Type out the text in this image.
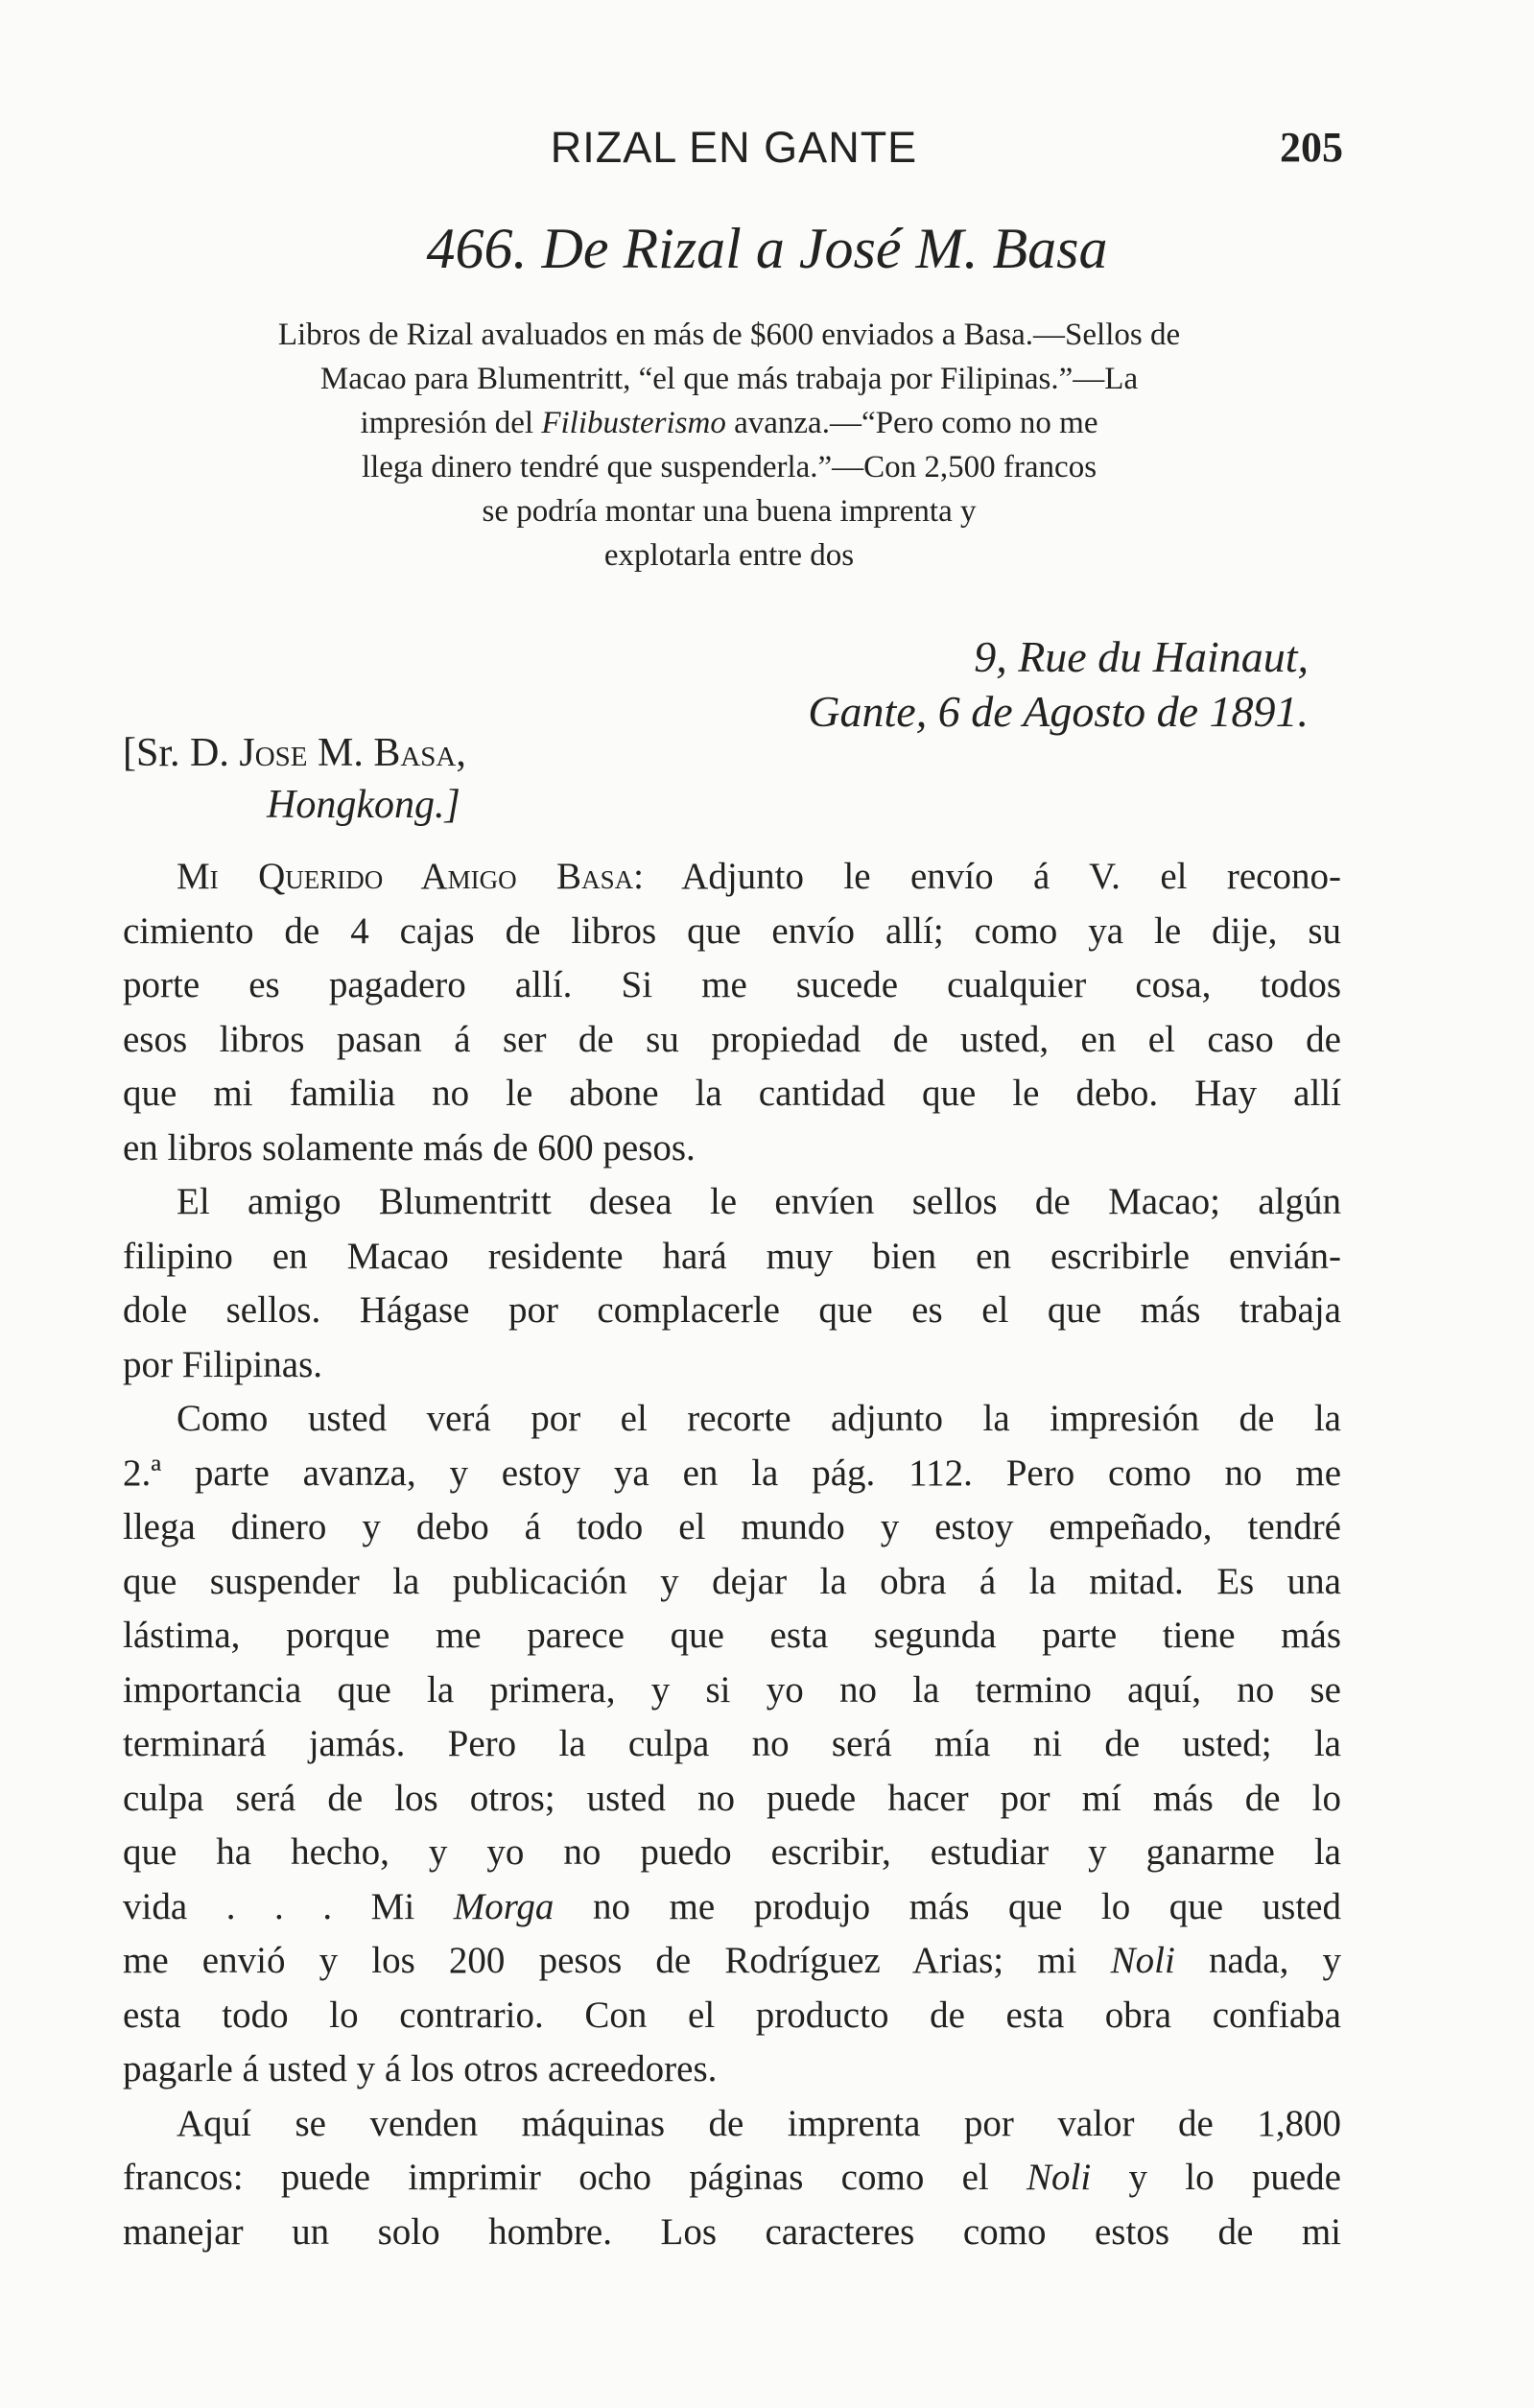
RIZAL EN GANTE	205
466. De Rizal a José M. Basa
Libros de Rizal avaluados en más de $600 enviados a Basa.—Sellos de
Macao para Blumentritt, “el que más trabaja por Filipinas.”—La
impresión del Filibusterismo avanza.—“Pero como no me
llega dinero tendré que suspenderla.”—Con 2,500 francos
se podría montar una buena imprenta y
explotarla entre dos
9, Rue du Hainaut,
Gante, 6 de Agosto de 1891.
[Sr. D. Jose M. Basa,
Hongkong.]
Mi Querido Amigo Basa: Adjunto le envío á V. el recono-
cimiento de 4 cajas de libros que envío allí; como ya le dije, su
porte es pagadero allí. Si me sucede cualquier cosa, todos
esos libros pasan á ser de su propiedad de usted, en el caso de
que mi familia no le abone la cantidad que le debo. Hay allí
en libros solamente más de 600 pesos.
El amigo Blumentritt desea le envíen sellos de Macao; algún
filipino en Macao residente hará muy bien en escribirle envián-
dole sellos. Hágase por complacerle que es el que más trabaja
por Filipinas.
Como usted verá por el recorte adjunto la impresión de la
2.ª parte avanza, y estoy ya en la pág. 112. Pero como no me
llega dinero y debo á todo el mundo y estoy empeñado, tendré
que suspender la publicación y dejar la obra á la mitad. Es una
lástima, porque me parece que esta segunda parte tiene más
importancia que la primera, y si yo no la termino aquí, no se
terminará jamás. Pero la culpa no será mía ni de usted; la
culpa será de los otros; usted no puede hacer por mí más de lo
que ha hecho, y yo no puedo escribir, estudiar y ganarme la
vida . . . Mi Morga no me produjo más que lo que usted
me envió y los 200 pesos de Rodríguez Arias; mi Noli nada, y
esta todo lo contrario. Con el producto de esta obra confiaba
pagarle á usted y á los otros acreedores.
Aquí se venden máquinas de imprenta por valor de 1,800
francos: puede imprimir ocho páginas como el Noli y lo puede
manejar un solo hombre. Los caracteres como estos de mi
